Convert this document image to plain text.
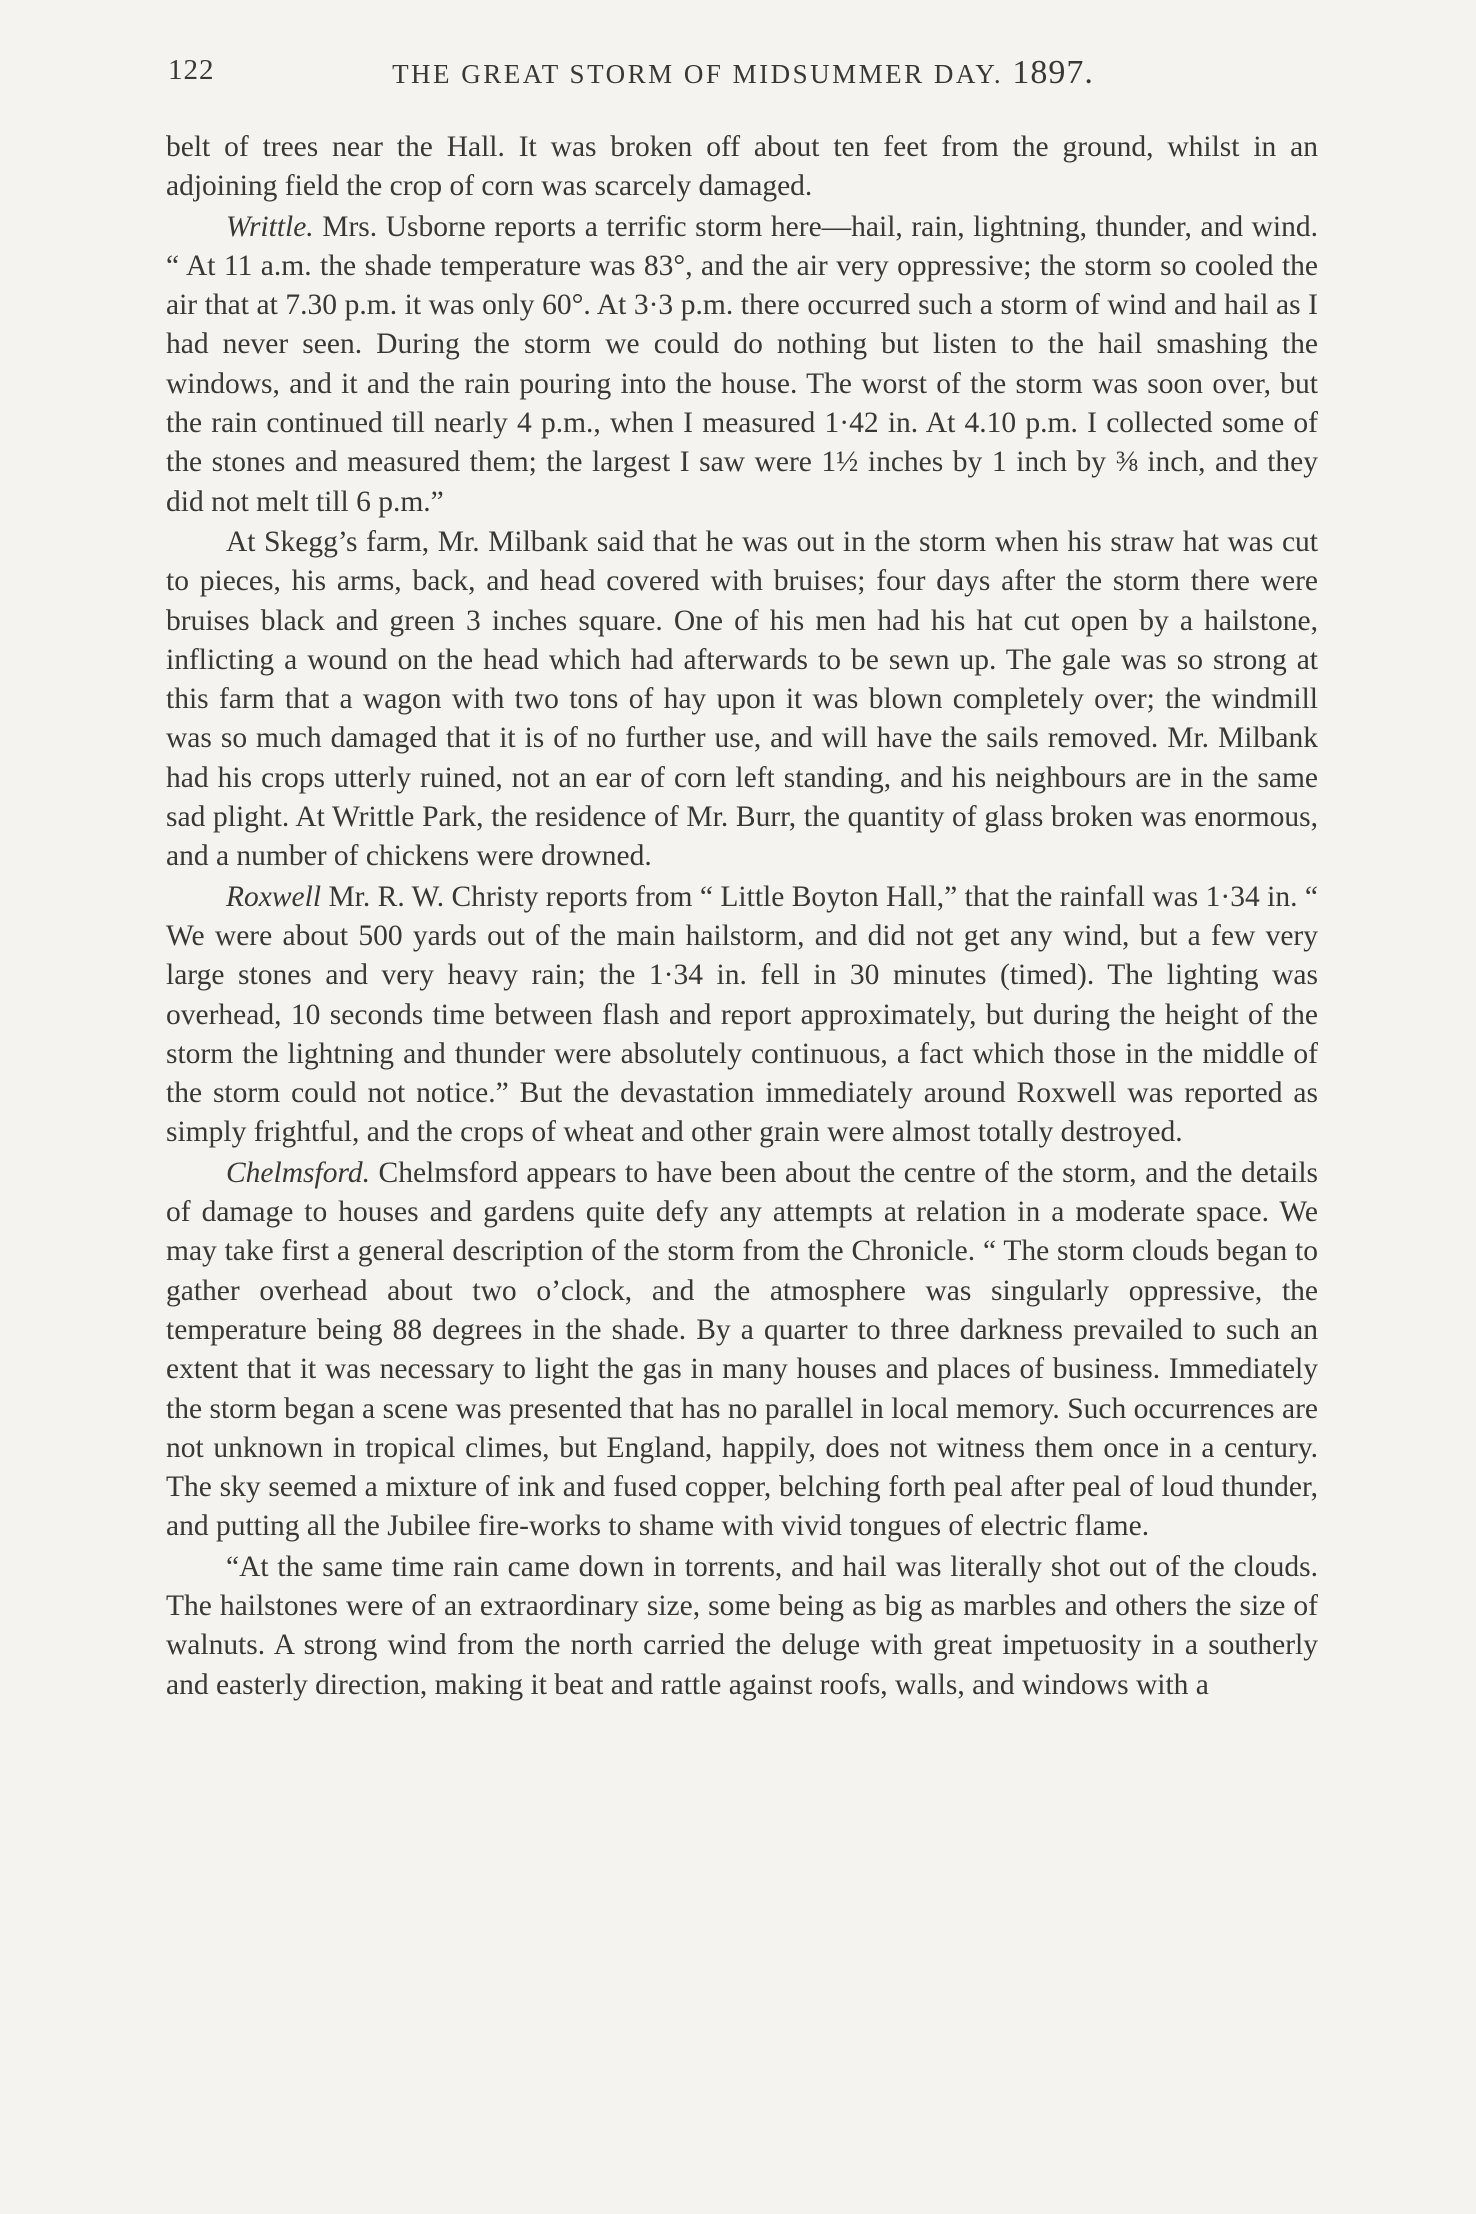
122	THE GREAT STORM OF MIDSUMMER DAY. 1897.

belt of trees near the Hall. It was broken off about ten feet from the ground, whilst in an adjoining field the crop of corn was scarcely damaged.

Writtle. Mrs. Usborne reports a terrific storm here—hail, rain, lightning, thunder, and wind. “ At 11 a.m. the shade temperature was 83°, and the air very oppressive; the storm so cooled the air that at 7.30 p.m. it was only 60°. At 3·3 p.m. there occurred such a storm of wind and hail as I had never seen. During the storm we could do nothing but listen to the hail smashing the windows, and it and the rain pouring into the house. The worst of the storm was soon over, but the rain continued till nearly 4 p.m., when I measured 1·42 in. At 4.10 p.m. I collected some of the stones and measured them; the largest I saw were 1½ inches by 1 inch by ⅜ inch, and they did not melt till 6 p.m.”

At Skegg’s farm, Mr. Milbank said that he was out in the storm when his straw hat was cut to pieces, his arms, back, and head covered with bruises; four days after the storm there were bruises black and green 3 inches square. One of his men had his hat cut open by a hailstone, inflicting a wound on the head which had afterwards to be sewn up. The gale was so strong at this farm that a wagon with two tons of hay upon it was blown completely over; the windmill was so much damaged that it is of no further use, and will have the sails removed. Mr. Milbank had his crops utterly ruined, not an ear of corn left standing, and his neighbours are in the same sad plight. At Writtle Park, the residence of Mr. Burr, the quantity of glass broken was enormous, and a number of chickens were drowned.

Roxwell Mr. R. W. Christy reports from “ Little Boyton Hall,” that the rainfall was 1·34 in. “ We were about 500 yards out of the main hailstorm, and did not get any wind, but a few very large stones and very heavy rain; the 1·34 in. fell in 30 minutes (timed). The lighting was overhead, 10 seconds time between flash and report approximately, but during the height of the storm the lightning and thunder were absolutely continuous, a fact which those in the middle of the storm could not notice.” But the devastation immediately around Roxwell was reported as simply frightful, and the crops of wheat and other grain were almost totally destroyed.

Chelmsford. Chelmsford appears to have been about the centre of the storm, and the details of damage to houses and gardens quite defy any attempts at relation in a moderate space. We may take first a general description of the storm from the Chronicle. “ The storm clouds began to gather overhead about two o’clock, and the atmosphere was singularly oppressive, the temperature being 88 degrees in the shade. By a quarter to three darkness prevailed to such an extent that it was necessary to light the gas in many houses and places of business. Immediately the storm began a scene was presented that has no parallel in local memory. Such occurrences are not unknown in tropical climes, but England, happily, does not witness them once in a century. The sky seemed a mixture of ink and fused copper, belching forth peal after peal of loud thunder, and putting all the Jubilee fire-works to shame with vivid tongues of electric flame.

“At the same time rain came down in torrents, and hail was literally shot out of the clouds. The hailstones were of an extraordinary size, some being as big as marbles and others the size of walnuts. A strong wind from the north carried the deluge with great impetuosity in a southerly and easterly direction, making it beat and rattle against roofs, walls, and windows with a
